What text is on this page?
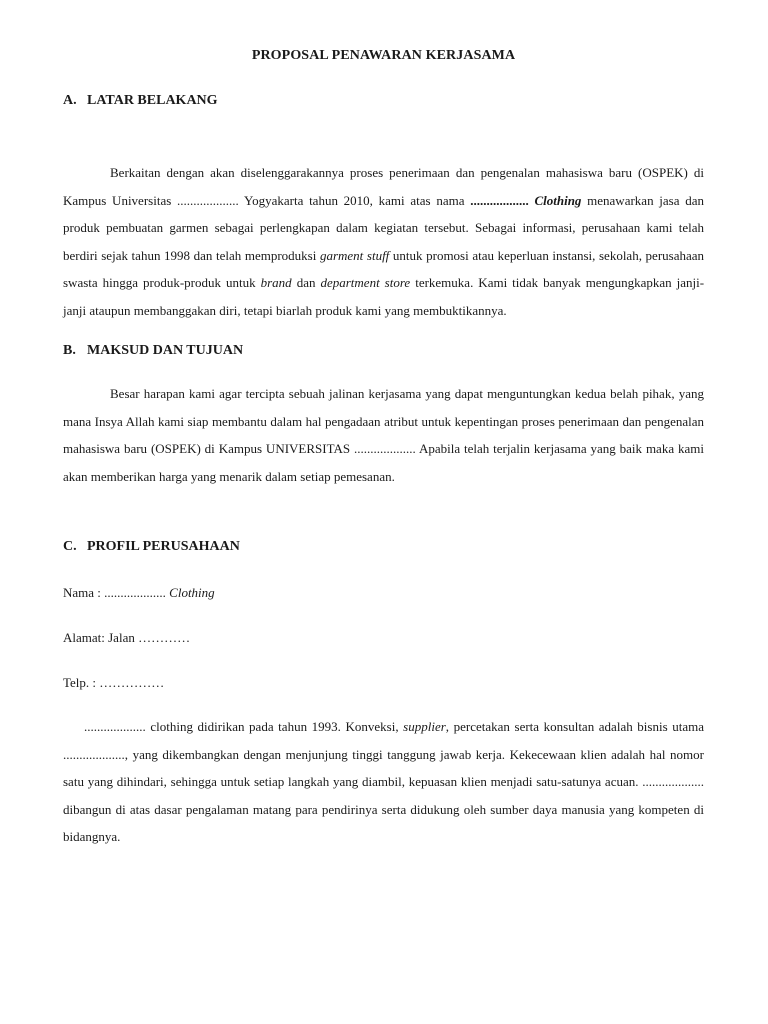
PROPOSAL PENAWARAN KERJASAMA
A. LATAR BELAKANG
Berkaitan dengan akan diselenggarakannya proses penerimaan dan pengenalan mahasiswa baru (OSPEK) di Kampus Universitas ................... Yogyakarta tahun 2010, kami atas nama .................. Clothing menawarkan jasa dan produk pembuatan garmen sebagai perlengkapan dalam kegiatan tersebut. Sebagai informasi, perusahaan kami telah berdiri sejak tahun 1998 dan telah memproduksi garment stuff untuk promosi atau keperluan instansi, sekolah, perusahaan swasta hingga produk-produk untuk brand dan department store terkemuka. Kami tidak banyak mengungkapkan janji-janji ataupun membanggakan diri, tetapi biarlah produk kami yang membuktikannya.
B. MAKSUD DAN TUJUAN
Besar harapan kami agar tercipta sebuah jalinan kerjasama yang dapat menguntungkan kedua belah pihak, yang mana Insya Allah kami siap membantu dalam hal pengadaan atribut untuk kepentingan proses penerimaan dan pengenalan mahasiswa baru (OSPEK) di Kampus UNIVERSITAS ................... Apabila telah terjalin kerjasama yang baik maka kami akan memberikan harga yang menarik dalam setiap pemesanan.
C. PROFIL PERUSAHAAN
Nama : ................... Clothing
Alamat: Jalan …………
Telp. : ……………
................... clothing didirikan pada tahun 1993. Konveksi, supplier, percetakan serta konsultan adalah bisnis utama ..................., yang dikembangkan dengan menjunjung tinggi tanggung jawab kerja. Kekecewaan klien adalah hal nomor satu yang dihindari, sehingga untuk setiap langkah yang diambil, kepuasan klien menjadi satu-satunya acuan. ................... dibangun di atas dasar pengalaman matang para pendirinya serta didukung oleh sumber daya manusia yang kompeten di bidangnya.
